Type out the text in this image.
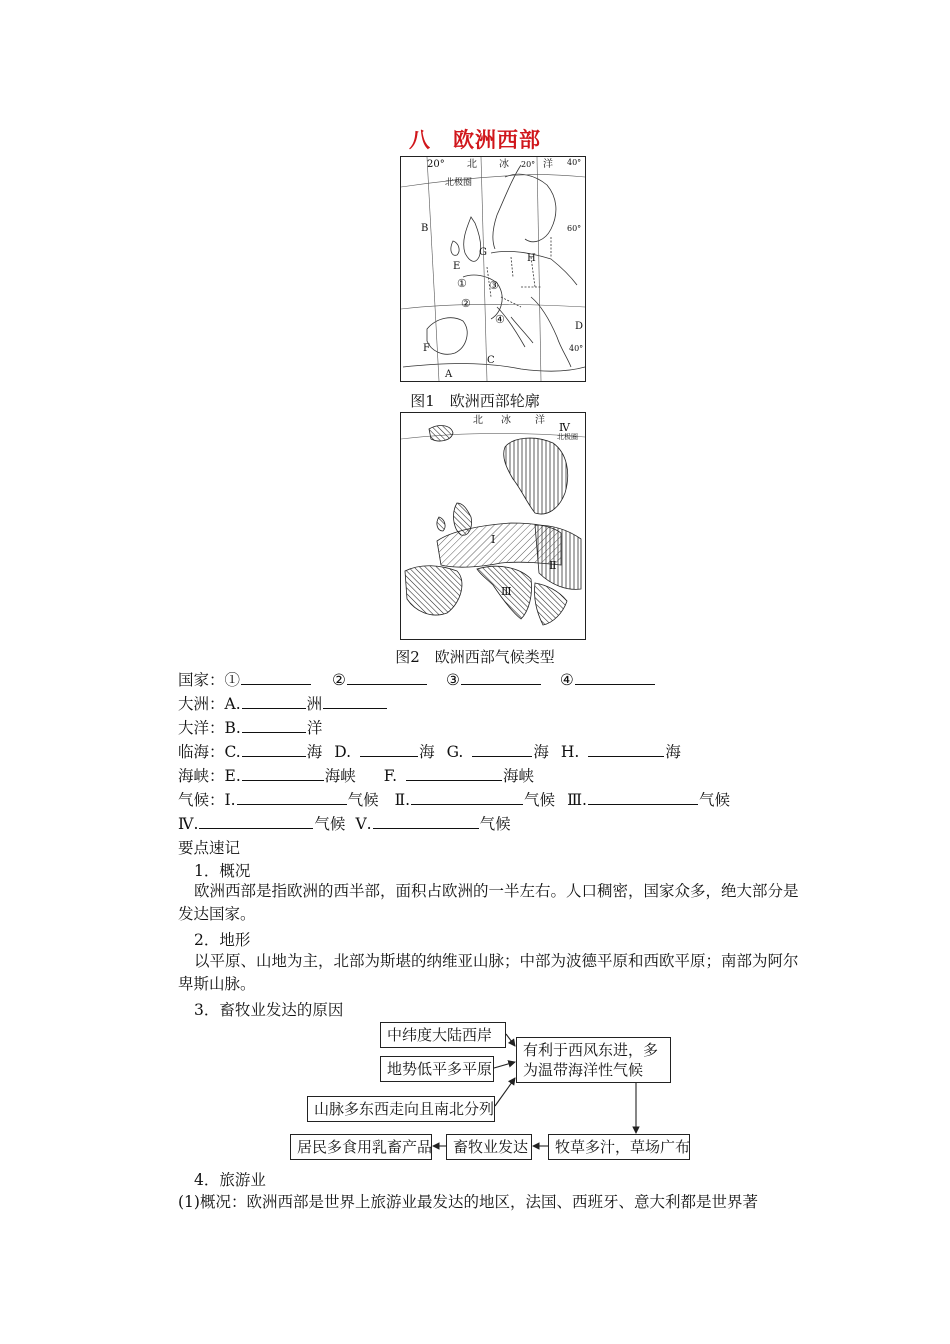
八　欧洲西部
20° 北 冰	洋
北极圈
60°
40°
40°
20°
B
G
H
D
C
F
A
E
①
②
③
④
图1　欧洲西部轮廓
北 冰 洋
北极圈
Ⅳ
Ⅰ
Ⅱ
Ⅲ
图2　欧洲西部气候类型
国家：①	②	③	④
大洲：A.	洲
大洋：B.	洋
临海：C.	海 D.	海 G.	海 H.	海
海峡：E.	海峡 F.	海峡
气候：Ⅰ.	气候 Ⅱ.	气候 Ⅲ.	气候
Ⅳ.	气候 Ⅴ.	气候
要点速记
1．概况
欧洲西部是指欧洲的西半部，面积占欧洲的一半左右。人口稠密，国家众多，绝大部分是发达国家。
2．地形
以平原、山地为主，北部为斯堪的纳维亚山脉；中部为波德平原和西欧平原；南部为阿尔卑斯山脉。
3．畜牧业发达的原因
中纬度大陆西岸
地势低平多平原
山脉多东西走向且南北分列
有利于西风东进，多
为温带海洋性气候
牧草多汁，草场广布
畜牧业发达
居民多食用乳畜产品
4．旅游业
(1)概况：欧洲西部是世界上旅游业最发达的地区，法国、西班牙、意大利都是世界著
